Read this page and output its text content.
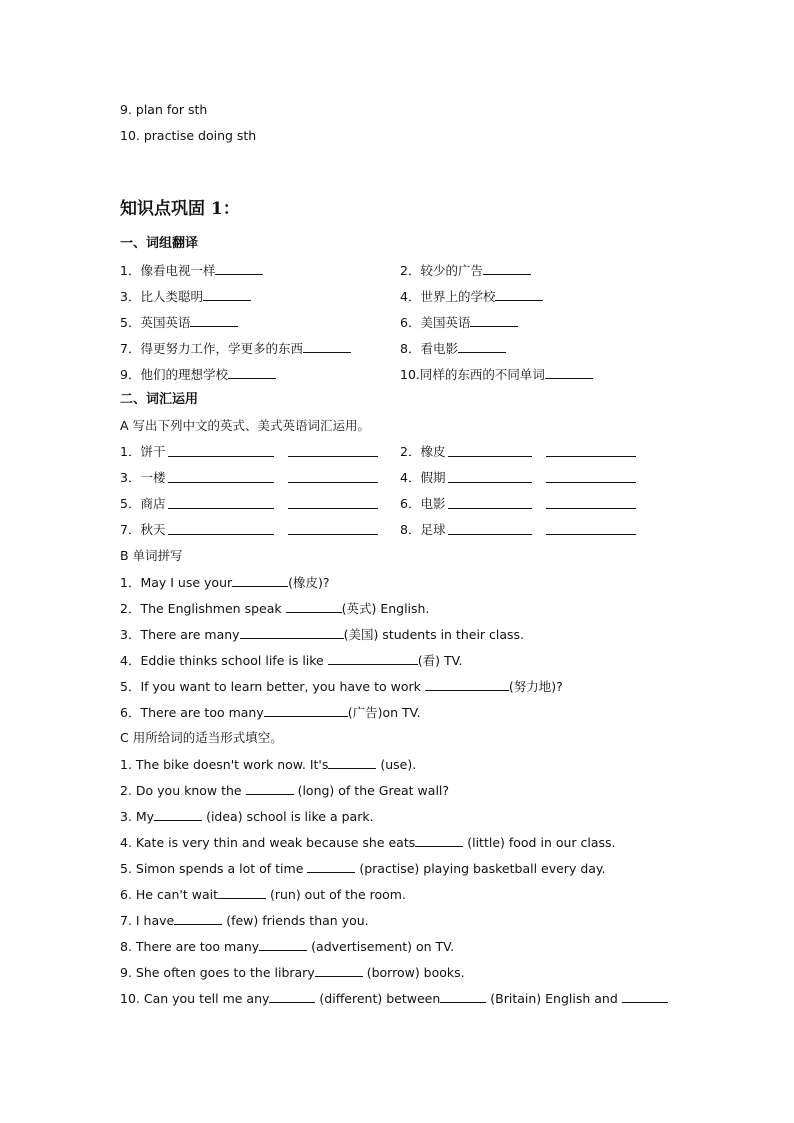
9. plan for sth
10. practise doing sth
知识点巩固 1：
一、词组翻译
1．像看电视一样	2．较少的广告
3．比人类聪明	4．世界上的学校
5．英国英语	6．美国英语
7．得更努力工作，学更多的东西	8．看电影
9．他们的理想学校	10.同样的东西的不同单词
二、词汇运用
A 写出下列中文的英式、美式英语词汇运用。
1．饼干	2．橡皮
3．一楼	4．假期
5．商店	6．电影
7．秋天	8．足球
B 单词拼写
1．May I use your	(橡皮)?
2．The Englishmen speak	(英式) English.
3．There are many	(美国) students in their class.
4．Eddie thinks school life is like	(看) TV.
5．If you want to learn better, you have to work	(努力地)?
6．There are too many	(广告)on TV.
C 用所给词的适当形式填空。
1. The bike doesn't work now. It's	(use).
2. Do you know the	(long) of the Great wall?
3. My	(idea) school is like a park.
4. Kate is very thin and weak because she eats	(little) food in our class.
5. Simon spends a lot of time	(practise) playing basketball every day.
6. He can't wait	(run) out of the room.
7. I have	(few) friends than you.
8. There are too many	(advertisement) on TV.
9. She often goes to the library	(borrow) books.
10. Can you tell me any	(different) between	(Britain) English and
